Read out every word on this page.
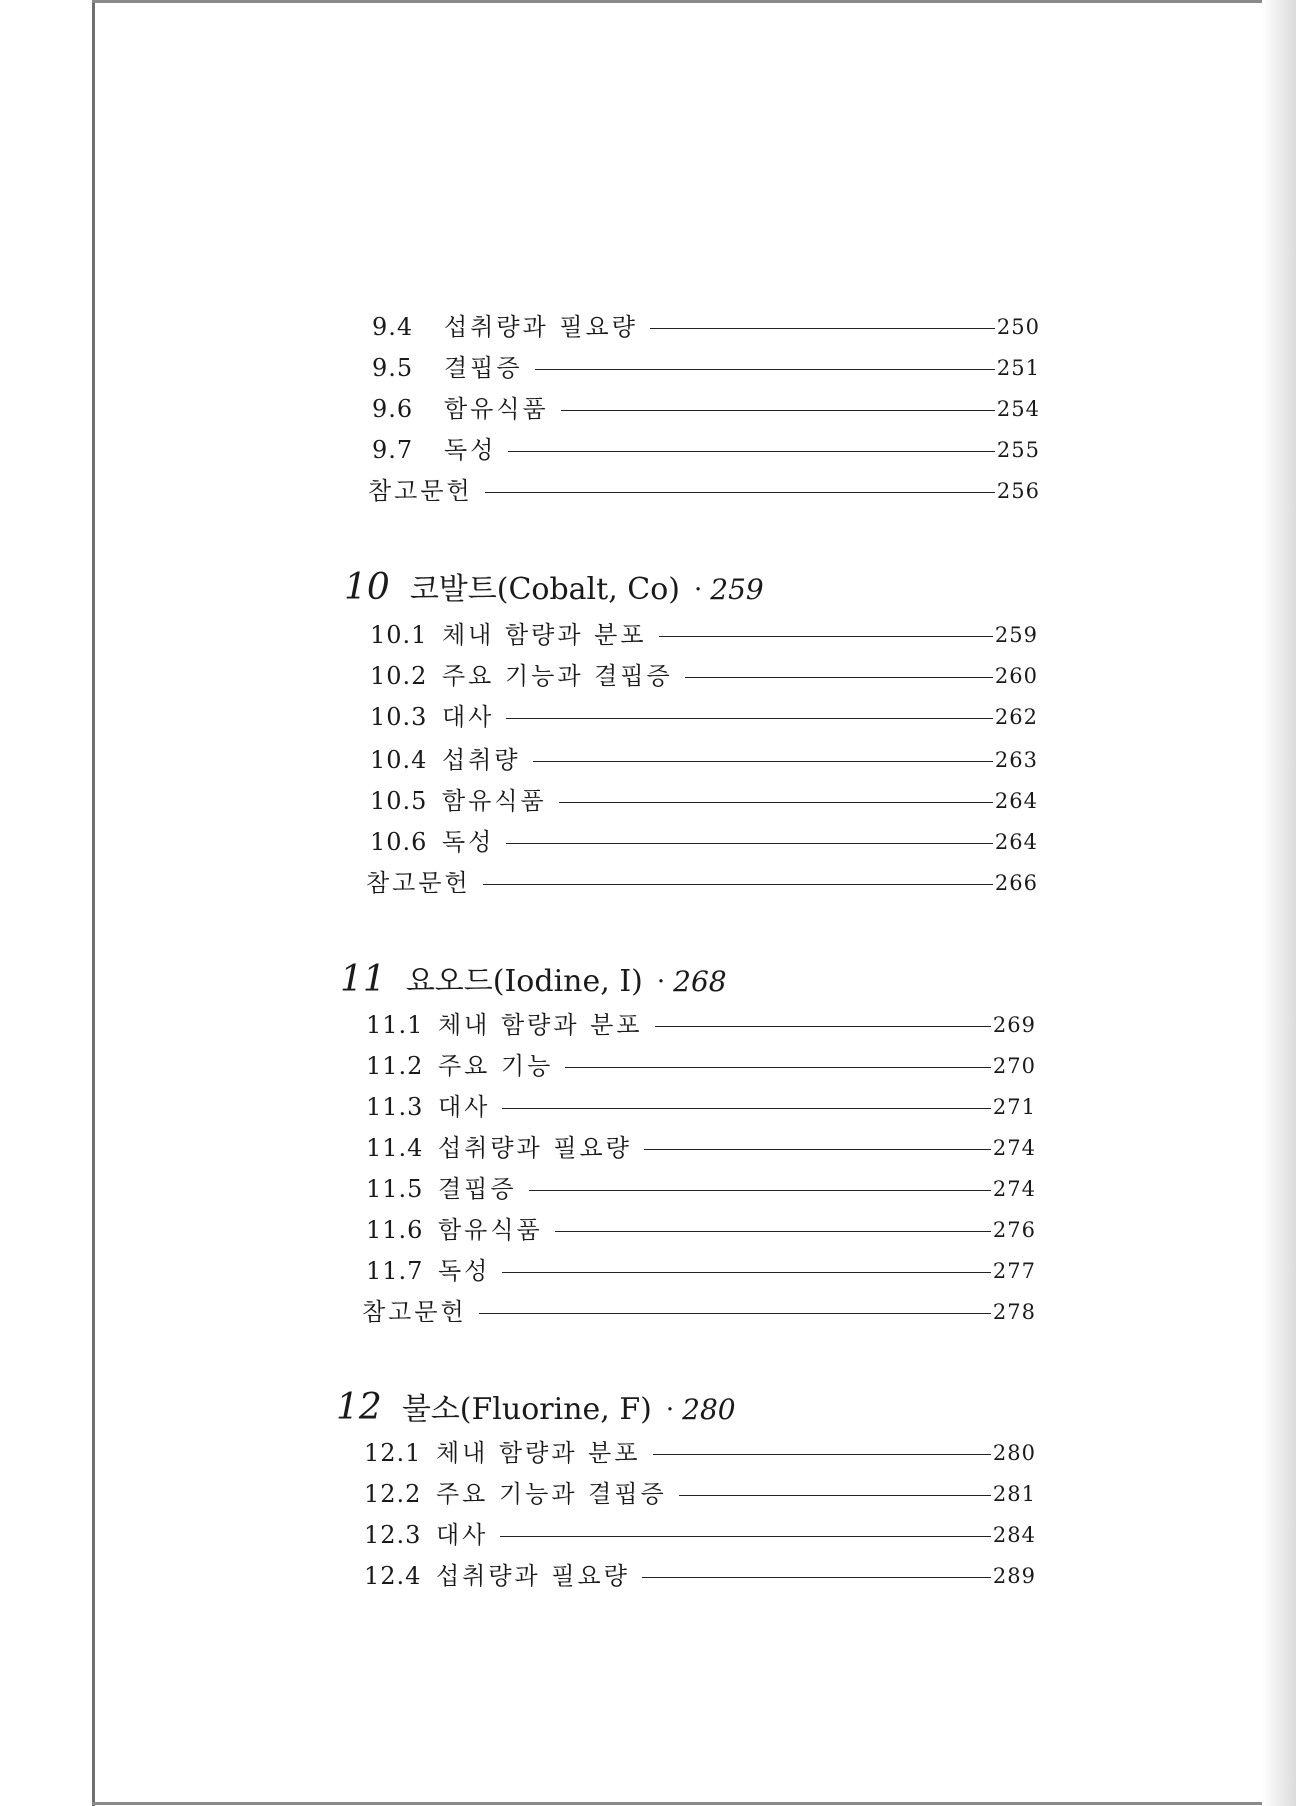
9.4	섭취량과 필요량	250
9.5	결핍증	251
9.6	함유식품	254
9.7	독성	255
참고문헌	256
10 코발트(Cobalt, Co) · 259
10.1 체내 함량과 분포	259
10.2 주요 기능과 결핍증	260
10.3 대사	262
10.4 섭취량	263
10.5 함유식품	264
10.6 독성	264
참고문헌	266
11 요오드(Iodine, I) · 268
11.1 체내 함량과 분포	269
11.2 주요 기능	270
11.3 대사	271
11.4 섭취량과 필요량	274
11.5 결핍증	274
11.6 함유식품	276
11.7 독성	277
참고문헌	278
12 불소(Fluorine, F) · 280
12.1 체내 함량과 분포	280
12.2 주요 기능과 결핍증	281
12.3 대사	284
12.4 섭취량과 필요량	289
